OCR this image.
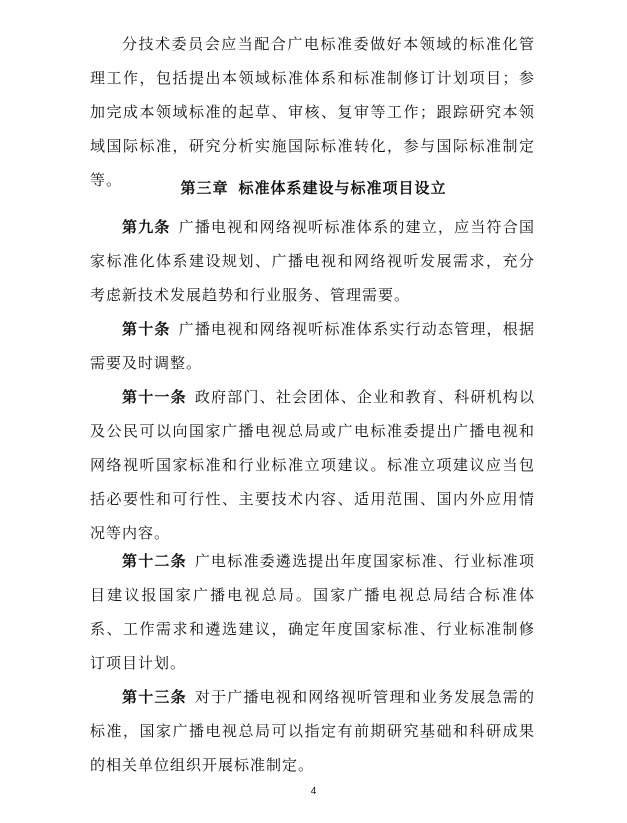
分技术委员会应当配合广电标准委做好本领域的标准化管理工作，包括提出本领域标准体系和标准制修订计划项目；参加完成本领域标准的起草、审核、复审等工作；跟踪研究本领域国际标准，研究分析实施国际标准转化，参与国际标准制定等。	第三章 标准体系建设与标准项目设立

第九条 广播电视和网络视听标准体系的建立，应当符合国家标准化体系建设规划、广播电视和网络视听发展需求，充分考虑新技术发展趋势和行业服务、管理需要。

第十条 广播电视和网络视听标准体系实行动态管理，根据需要及时调整。

第十一条 政府部门、社会团体、企业和教育、科研机构以及公民可以向国家广播电视总局或广电标准委提出广播电视和网络视听国家标准和行业标准立项建议。标准立项建议应当包括必要性和可行性、主要技术内容、适用范围、国内外应用情况等内容。

第十二条 广电标准委遴选提出年度国家标准、行业标准项目建议报国家广播电视总局。国家广播电视总局结合标准体系、工作需求和遴选建议，确定年度国家标准、行业标准制修订项目计划。

第十三条 对于广播电视和网络视听管理和业务发展急需的标准，国家广播电视总局可以指定有前期研究基础和科研成果的相关单位组织开展标准制定。

4
